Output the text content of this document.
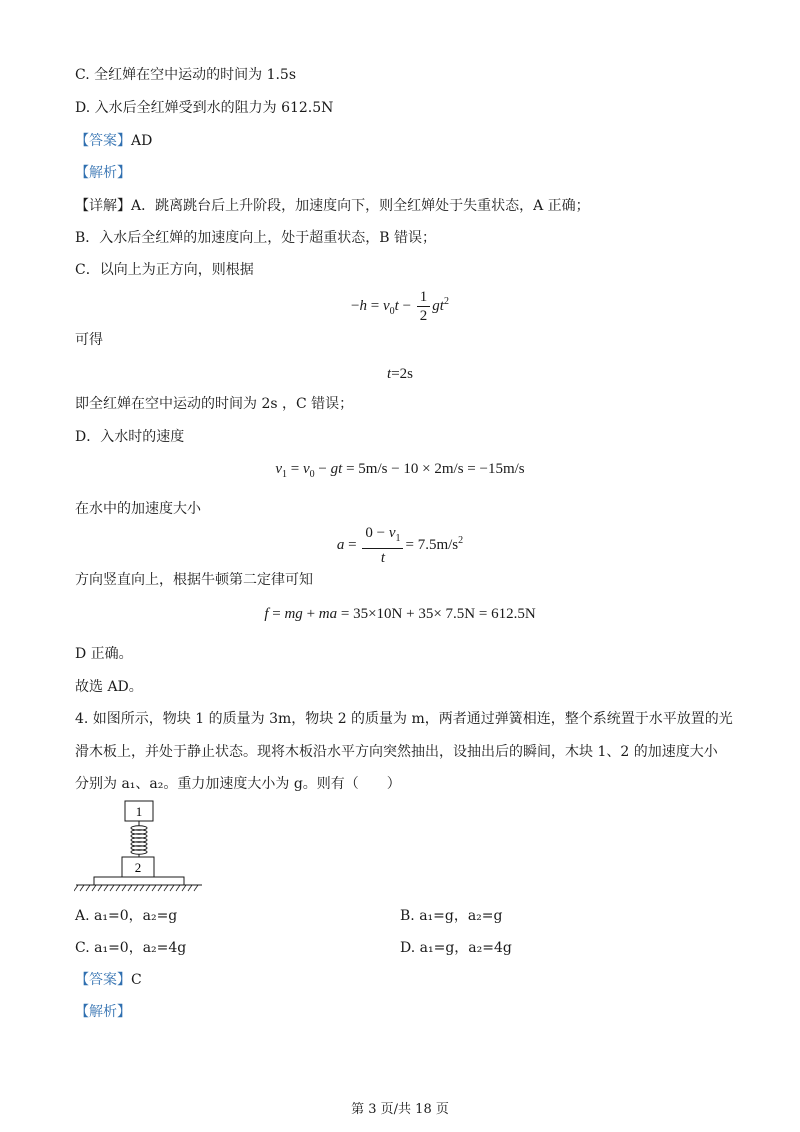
C. 全红婵在空中运动的时间为 1.5s
D. 入水后全红婵受到水的阻力为 612.5N
【答案】AD
【解析】
【详解】A．跳离跳台后上升阶段，加速度向下，则全红婵处于失重状态，A 正确；
B．入水后全红婵的加速度向上，处于超重状态，B 错误；
C．以向上为正方向，则根据
$-h = v_0t - \frac{1}{2} gt^2$
可得
t=2s
即全红婵在空中运动的时间为 2s ，C 错误；
D．入水时的速度
$v_1 = v_0$ − gt = 5m/s − 10 × 2m/s = −15m/s
在水中的加速度大小
$a = \frac{0 - v_1}{t} = 7.5m/s^2$
方向竖直向上，根据牛顿第二定律可知
f = mg + ma = 35×10N + 35× 7.5N = 612.5N
D 正确。
故选 AD。
4. 如图所示，物块 1 的质量为 3m，物块 2 的质量为 m，两者通过弹簧相连，整个系统置于水平放置的光
滑木板上，并处于静止状态。现将木板沿水平方向突然抽出，设抽出后的瞬间，木块 1、2 的加速度大小
分别为 a₁、a₂。重力加速度大小为 g。则有（　　）
1
2
A. a₁=0，a₂=g	B. a₁=g，a₂=g
C. a₁=0，a₂=4g	D. a₁=g，a₂=4g
【答案】C
【解析】
第 3 页/共 18 页
